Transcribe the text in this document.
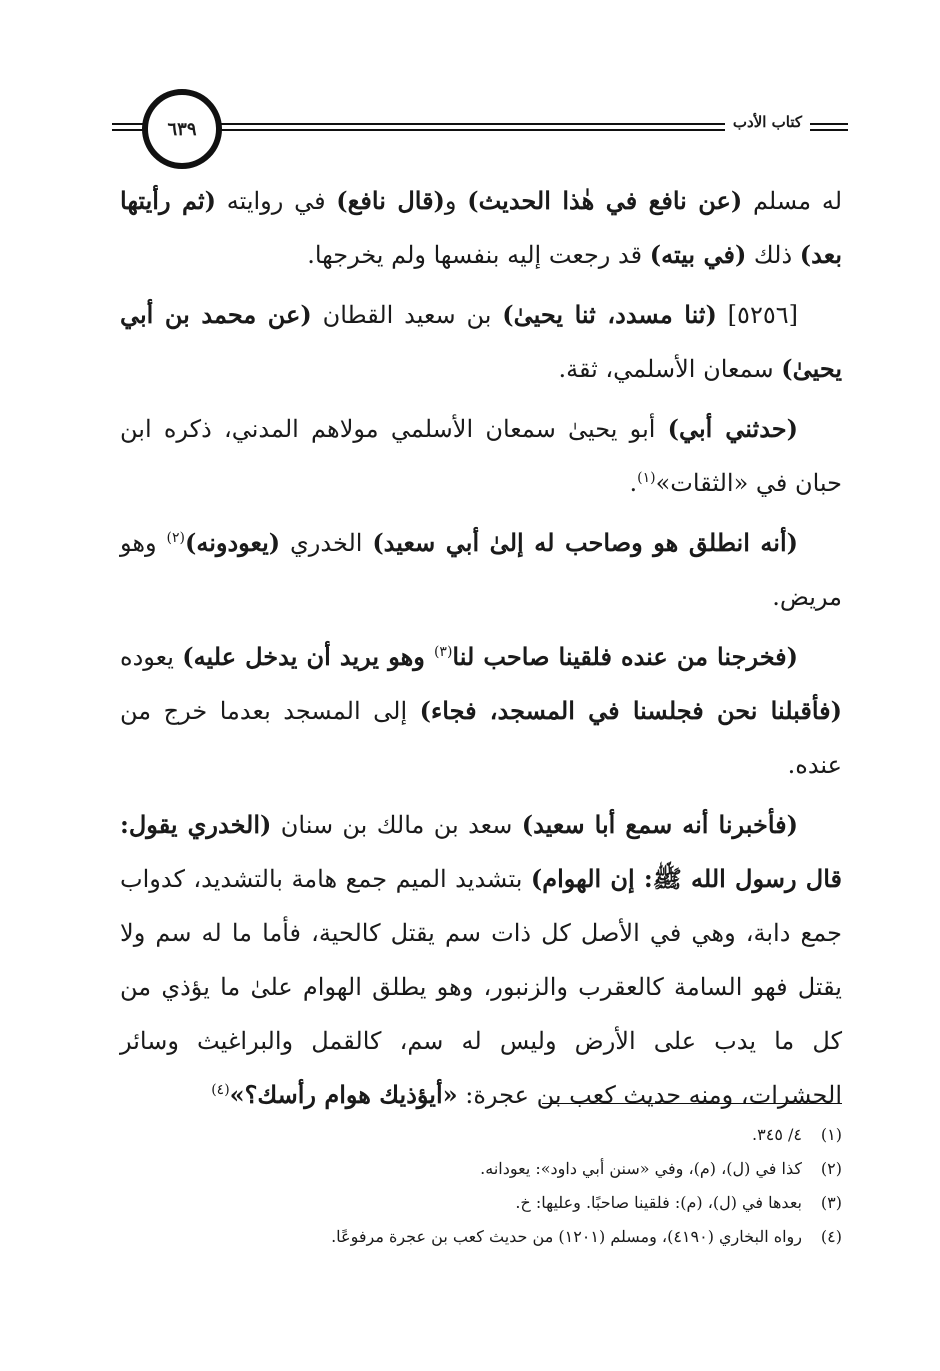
٦٣٩	كتاب الأدب

له مسلم (عن نافع في هٰذا الحديث) و(قال نافع) في روايته (ثم رأيتها بعد) ذلك (في بيته) قد رجعت إليه بنفسها ولم يخرجها.

[٥٢٥٦] (ثنا مسدد، ثنا يحيىٰ) بن سعيد القطان (عن محمد بن أبي يحيىٰ) سمعان الأسلمي، ثقة.

(حدثني أبي) أبو يحيىٰ سمعان الأسلمي مولاهم المدني، ذكره ابن حبان في «الثقات»$^{(١)}$.

(أنه انطلق هو وصاحب له إلىٰ أبي سعيد) الخدري (يعودونه)$^{(٢)}$ وهو مريض.

(فخرجنا من عنده فلقينا صاحب لنا$^{(٣)}$ وهو يريد أن يدخل عليه) يعوده (فأقبلنا نحن فجلسنا في المسجد، فجاء) إلى المسجد بعدما خرج من عنده.

(فأخبرنا أنه سمع أبا سعيد) سعد بن مالك بن سنان (الخدري يقول: قال رسول الله ﷺ: إن الهوام) بتشديد الميم جمع هامة بالتشديد، كدواب جمع دابة، وهي في الأصل كل ذات سم يقتل كالحية، فأما ما له سم ولا يقتل فهو السامة كالعقرب والزنبور، وهو يطلق الهوام علىٰ ما يؤذي من كل ما يدب على الأرض وليس له سم، كالقمل والبراغيث وسائر الحشرات، ومنه حديث كعب بن عجرة: «أيؤذيك هوام رأسك؟»$^{(٤)}$

(١)٤/ ٣٤٥.
(٢)كذا في (ل)، (م)، وفي «سنن أبي داود»: يعودانه.
(٣)بعدها في (ل)، (م): فلقينا صاحبًا. وعليها: خ.
(٤)رواه البخاري (٤١٩٠)، ومسلم (١٢٠١) من حديث كعب بن عجرة مرفوعًا.
